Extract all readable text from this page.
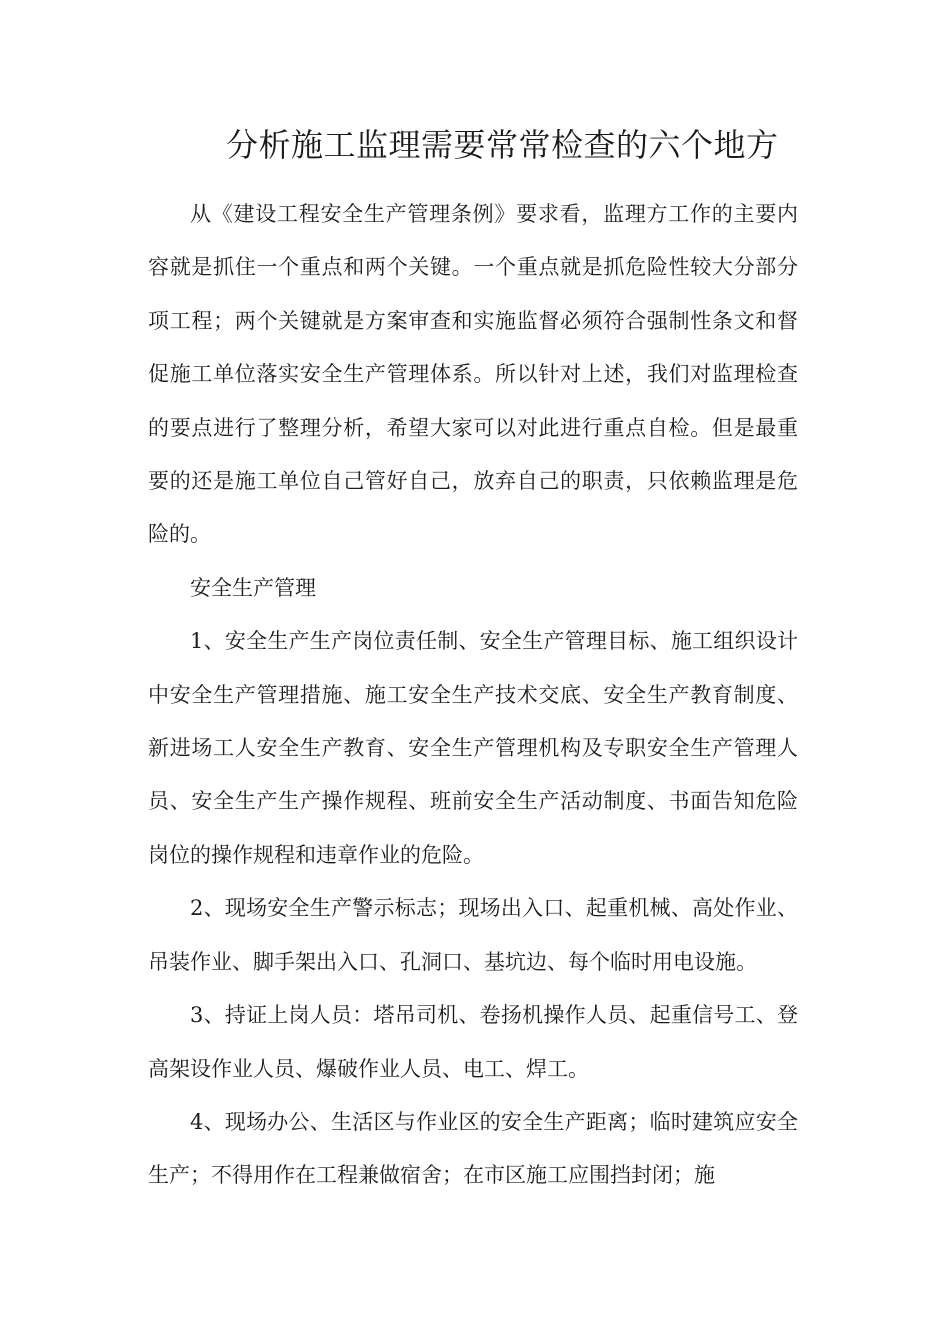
分析施工监理需要常常检查的六个地方

从《建设工程安全生产管理条例》要求看，监理方工作的主要内容就是抓住一个重点和两个关键。一个重点就是抓危险性较大分部分项工程；两个关键就是方案审查和实施监督必须符合强制性条文和督促施工单位落实安全生产管理体系。所以针对上述，我们对监理检查的要点进行了整理分析，希望大家可以对此进行重点自检。但是最重要的还是施工单位自己管好自己，放弃自己的职责，只依赖监理是危险的。

安全生产管理

1、安全生产生产岗位责任制、安全生产管理目标、施工组织设计中安全生产管理措施、施工安全生产技术交底、安全生产教育制度、新进场工人安全生产教育、安全生产管理机构及专职安全生产管理人员、安全生产生产操作规程、班前安全生产活动制度、书面告知危险岗位的操作规程和违章作业的危险。

2、现场安全生产警示标志；现场出入口、起重机械、高处作业、吊装作业、脚手架出入口、孔洞口、基坑边、每个临时用电设施。

3、持证上岗人员：塔吊司机、卷扬机操作人员、起重信号工、登高架设作业人员、爆破作业人员、电工、焊工。

4、现场办公、生活区与作业区的安全生产距离；临时建筑应安全生产；不得用作在工程兼做宿舍；在市区施工应围挡封闭；施
